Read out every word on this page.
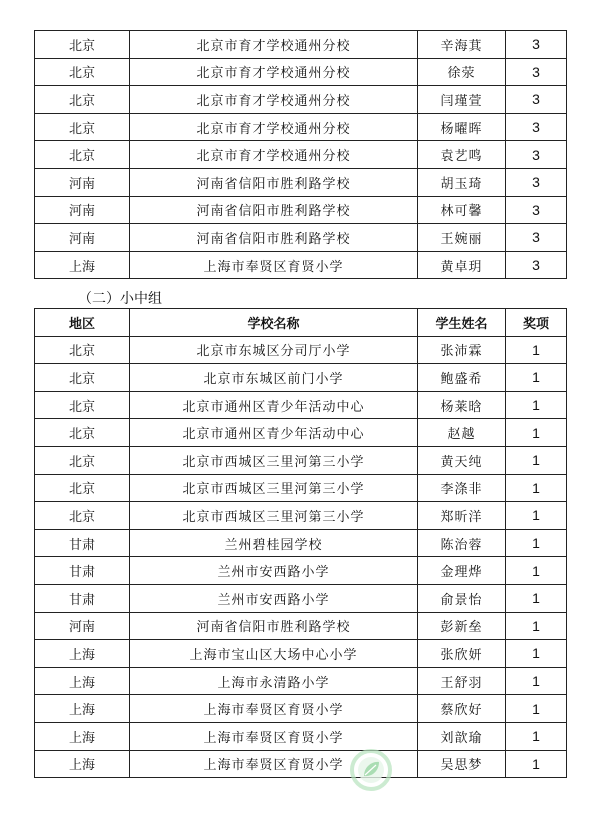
北京	北京市育才学校通州分校	辛海萁	3
北京	北京市育才学校通州分校	徐荥	3
北京	北京市育才学校通州分校	闫瑾萱	3
北京	北京市育才学校通州分校	杨曜晖	3
北京	北京市育才学校通州分校	袁艺鸣	3
河南	河南省信阳市胜利路学校	胡玉琦	3
河南	河南省信阳市胜利路学校	林可馨	3
河南	河南省信阳市胜利路学校	王婉丽	3
上海	上海市奉贤区育贤小学	黄卓玥	3
（二）小中组
地区	学校名称	学生姓名	奖项
北京	北京市东城区分司厅小学	张沛霖	1
北京	北京市东城区前门小学	鲍盛希	1
北京	北京市通州区青少年活动中心	杨莱晗	1
北京	北京市通州区青少年活动中心	赵越	1
北京	北京市西城区三里河第三小学	黄天纯	1
北京	北京市西城区三里河第三小学	李涤非	1
北京	北京市西城区三里河第三小学	郑昕洋	1
甘肃	兰州碧桂园学校	陈治蓉	1
甘肃	兰州市安西路小学	金理烨	1
甘肃	兰州市安西路小学	俞景怡	1
河南	河南省信阳市胜利路学校	彭新垒	1
上海	上海市宝山区大场中心小学	张欣妍	1
上海	上海市永清路小学	王舒羽	1
上海	上海市奉贤区育贤小学	蔡欣好	1
上海	上海市奉贤区育贤小学	刘歆瑜	1
上海	上海市奉贤区育贤小学	吴思梦	1
